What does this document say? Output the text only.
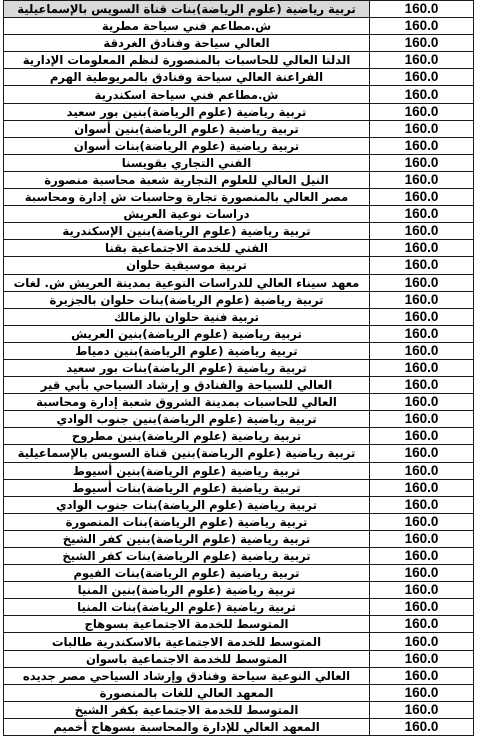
تربية رياضية (علوم الرياضة)بنات قناة السويس بالإسماعيلية	160.0
ش.مطاعم فني سياحة مطرية	160.0
العالي سياحة وفنادق الغردقة	160.0
الدلتا العالي للحاسبات بالمنصورة لنظم المعلومات الإدارية	160.0
الفراعنة العالي سياحة وفنادق بالمريوطية الهرم	160.0
ش.مطاعم فني سياحة اسكندرية	160.0
تربية رياضية (علوم الرياضة)بنين بور سعيد	160.0
تربية رياضية (علوم الرياضة)بنين أسوان	160.0
تربية رياضية (علوم الرياضة)بنات أسوان	160.0
الفني التجاري بقويسنا	160.0
النيل العالي للعلوم التجارية شعبة محاسبة منصورة	160.0
مصر العالي بالمنصورة تجارة وحاسبات ش إدارة ومحاسبة	160.0
دراسات نوعية العريش	160.0
تربية رياضية (علوم الرياضة)بنين الإسكندرية	160.0
الفني للخدمة الاجتماعية بقنا	160.0
تربية موسيقية حلوان	160.0
معهد سيناء العالي للدراسات النوعية بمدينة العريش ش. لغات	160.0
تربية رياضية (علوم الرياضة)بنات حلوان بالجزيرة	160.0
تربية فنية حلوان بالزمالك	160.0
تربية رياضية (علوم الرياضة)بنين العريش	160.0
تربية رياضية (علوم الرياضة)بنين دمياط	160.0
تربية رياضية (علوم الرياضة)بنات بور سعيد	160.0
العالي للسياحة والفنادق و إرشاد السياحي بأبي قير	160.0
العالي للحاسبات بمدينة الشروق شعبة إدارة ومحاسبة	160.0
تربية رياضية (علوم الرياضة)بنين جنوب الوادي	160.0
تربية رياضية (علوم الرياضة)بنين مطروح	160.0
تربية رياضية (علوم الرياضة)بنين قناة السويس بالإسماعيلية	160.0
تربية رياضية (علوم الرياضة)بنين أسيوط	160.0
تربية رياضية (علوم الرياضة)بنات أسيوط	160.0
تربية رياضية (علوم الرياضة)بنات جنوب الوادي	160.0
تربية رياضية (علوم الرياضة)بنات المنصورة	160.0
تربية رياضية (علوم الرياضة)بنين كفر الشيخ	160.0
تربية رياضية (علوم الرياضة)بنات كفر الشيخ	160.0
تربية رياضية (علوم الرياضة)بنات الفيوم	160.0
تربية رياضية (علوم الرياضة)بنين المنيا	160.0
تربية رياضية (علوم الرياضة)بنات المنيا	160.0
المتوسط للخدمة الاجتماعية بسوهاج	160.0
المتوسط للخدمة الاجتماعية بالاسكندرية طالبات	160.0
المتوسط للخدمة الاجتماعية باسوان	160.0
العالي النوعية سياحة وفنادق وإرشاد السياحي مصر جديده	160.0
المعهد العالي للغات بالمنصورة	160.0
المتوسط للخدمة الاجتماعية بكفر الشيخ	160.0
المعهد العالي للإدارة والمحاسبة بسوهاج أخميم	160.0
